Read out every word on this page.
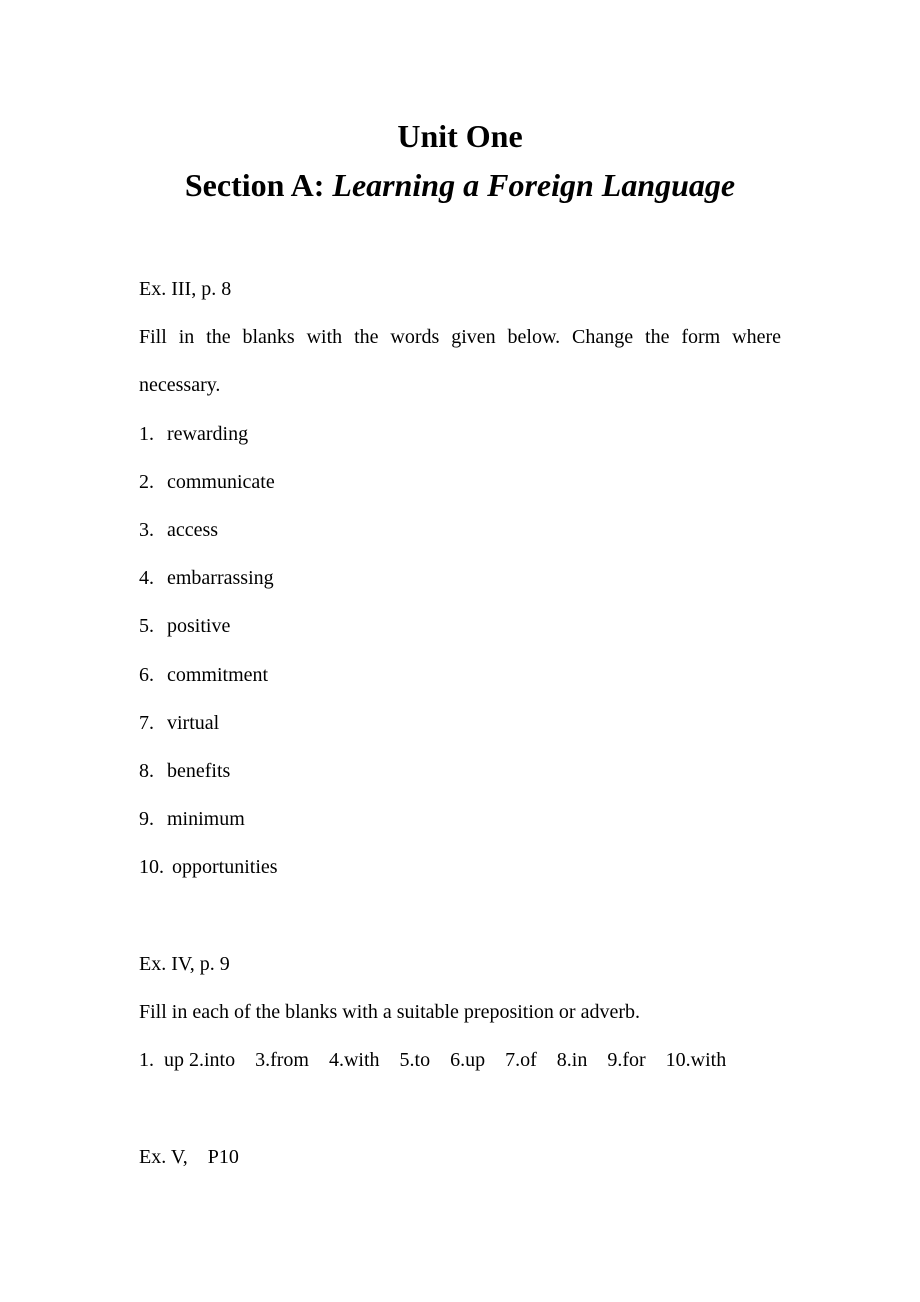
Unit One
Section A: Learning a Foreign Language

Ex. III, p. 8

Fill in the blanks with the words given below. Change the form where necessary.

1. rewarding
2. communicate
3. access
4. embarrassing
5. positive
6. commitment
7. virtual
8. benefits
9. minimum
10. opportunities

Ex. IV, p. 9

Fill in each of the blanks with a suitable preposition or adverb.

1.  up 2.into    3.from    4.with    5.to    6.up    7.of    8.in    9.for    10.with

Ex. V,    P10
